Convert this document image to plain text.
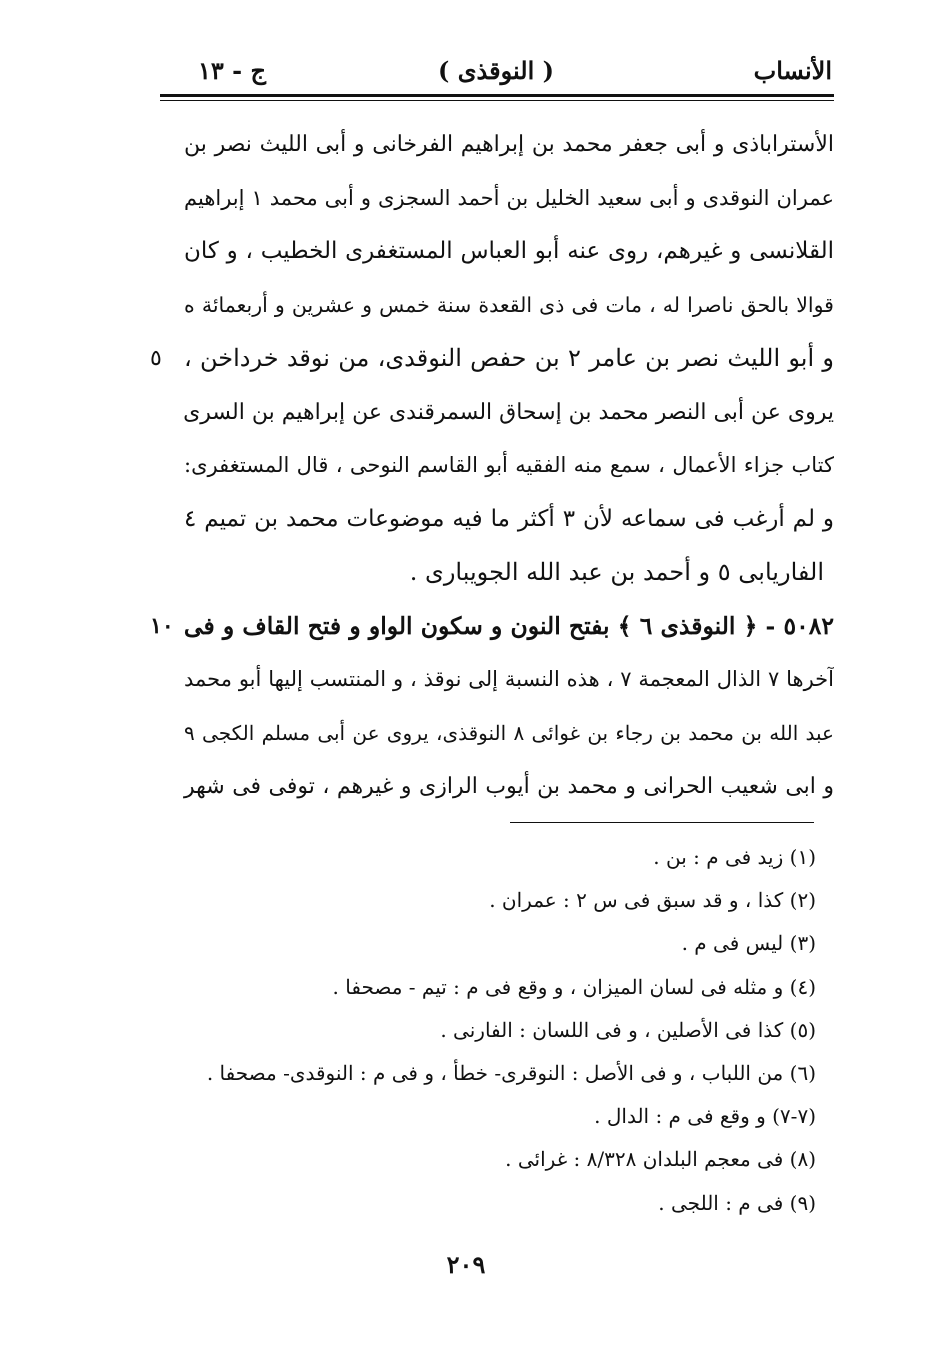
الأنساب
( النوقذى )
ج - ١٣
الأستراباذى و أبى جعفر محمد بن إبراهيم الفرخانى و أبى الليث نصر بن
عمران النوقدى و أبى سعيد الخليل بن أحمد السجزى و أبى محمد ١ إبراهيم
القلانسى و غيرهم، روى عنه أبو العباس المستغفرى الخطيب ، و كان
قوالا بالحق ناصرا له ، مات فى ذى القعدة سنة خمس و عشرين و أربعمائة ه
٥ و أبو الليث نصر بن عامر ٢ بن حفص النوقدى، من نوقد خرداخن ،
يروى عن أبى النصر محمد بن إسحاق السمرقندى عن إبراهيم بن السرى
كتاب جزاء الأعمال ، سمع منه الفقيه أبو القاسم النوحى ، قال المستغفرى:
و لم أرغب فى سماعه لأن ٣ أكثر ما فيه موضوعات محمد بن تميم ٤
الفاريابى ٥ و أحمد بن عبد الله الجويبارى .
١٠ ٥٠٨٢ - ﴿ النوقذى ٦ ﴾ بفتح النون و سكون الواو و فتح القاف و فى
آخرها ٧ الذال المعجمة ٧ ، هذه النسبة إلى نوقذ ، و المنتسب إليها أبو محمد
عبد الله بن محمد بن رجاء بن غوائى ٨ النوقذى، يروى عن أبى مسلم الكجى ٩
و ابى شعيب الحرانى و محمد بن أيوب الرازى و غيرهم ، توفى فى شهر
(١) زيد فى م : بن .
(٢) كذا ، و قد سبق فى س ٢ : عمران .
(٣) ليس فى م .
(٤) و مثله فى لسان الميزان ، و وقع فى م : تيم - مصحفا .
(٥) كذا فى الأصلين ، و فى اللسان : الفارنى .
(٦) من اللباب ، و فى الأصل : النوقرى- خطأ ، و فى م : النوقدى- مصحفا .
(٧-٧) و وقع فى م : الدال .
(٨) فى معجم البلدان ٨/٣٢٨ : غرائى .
(٩) فى م : اللجى .
٢٠٩
